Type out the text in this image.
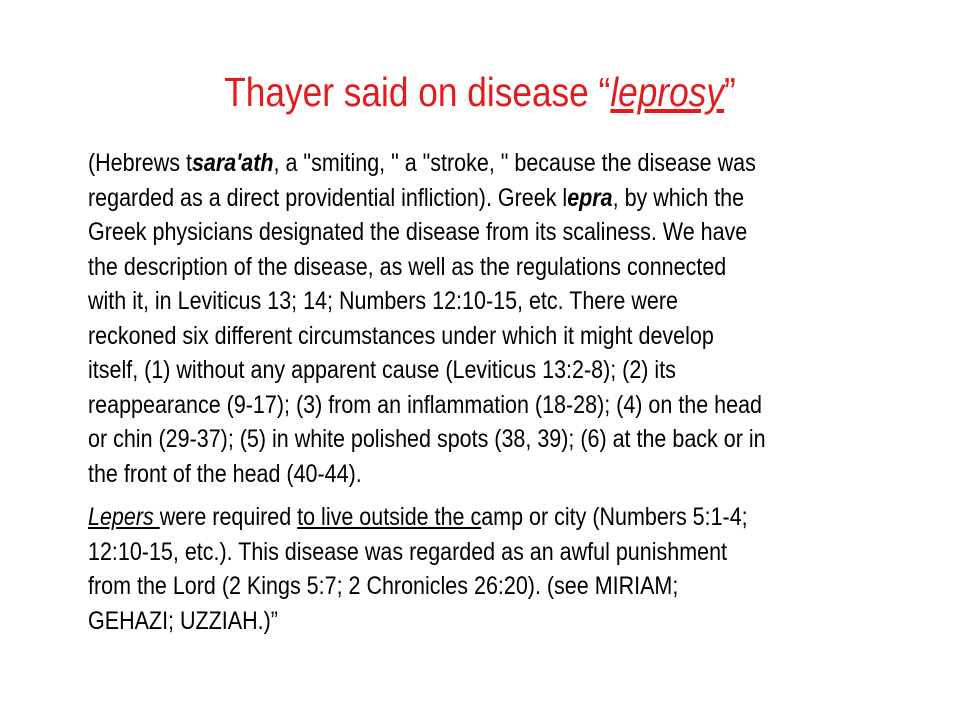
Thayer said on disease “leprosy”
(Hebrews tsara'ath, a "smiting, " a "stroke, " because the disease was
regarded as a direct providential infliction). Greek lepra, by which the
Greek physicians designated the disease from its scaliness. We have
the description of the disease, as well as the regulations connected
with it, in Leviticus 13; 14; Numbers 12:10-15, etc. There were
reckoned six different circumstances under which it might develop
itself, (1) without any apparent cause (Leviticus 13:2-8); (2) its
reappearance (9-17); (3) from an inflammation (18-28); (4) on the head
or chin (29-37); (5) in white polished spots (38, 39); (6) at the back or in
the front of the head (40-44).
Lepers were required to live outside the camp or city (Numbers 5:1-4;
12:10-15, etc.). This disease was regarded as an awful punishment
from the Lord (2 Kings 5:7; 2 Chronicles 26:20). (see MIRIAM;
GEHAZI; UZZIAH.)”
